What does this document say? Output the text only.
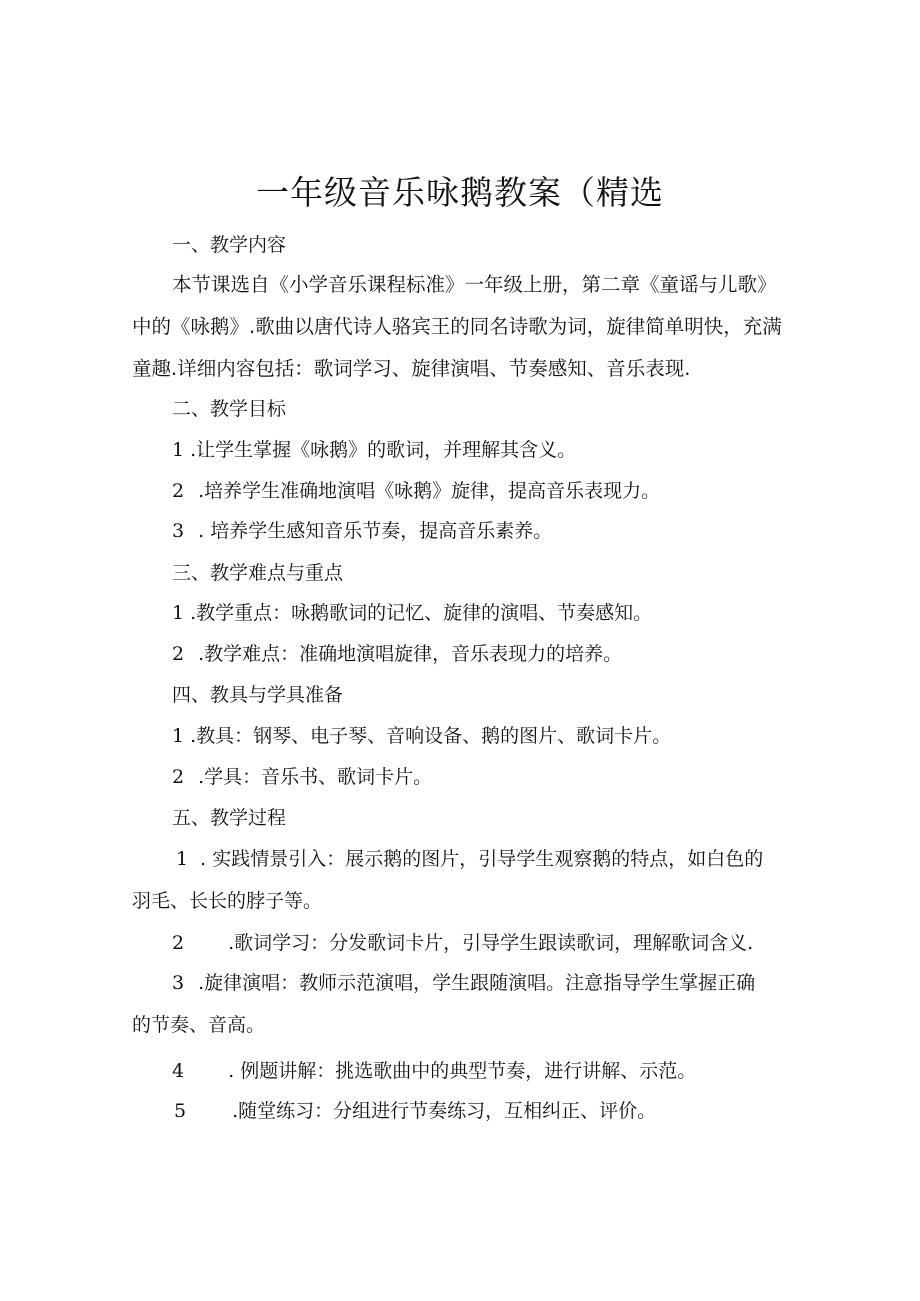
一年级音乐咏鹅教案（精选
一、教学内容
本节课选自《小学音乐课程标准》一年级上册，第二章《童谣与儿歌》
中的《咏鹅》.歌曲以唐代诗人骆宾王的同名诗歌为词，旋律简单明快，充满
童趣.详细内容包括：歌词学习、旋律演唱、节奏感知、音乐表现.
二、教学目标
1 .让学生掌握《咏鹅》的歌词，并理解其含义。
2 .培养学生准确地演唱《咏鹅》旋律，提高音乐表现力。
3 . 培养学生感知音乐节奏，提高音乐素养。
三、教学难点与重点
1 .教学重点：咏鹅歌词的记忆、旋律的演唱、节奏感知。
2 .教学难点：准确地演唱旋律，音乐表现力的培养。
四、教具与学具准备
1 .教具：钢琴、电子琴、音响设备、鹅的图片、歌词卡片。
2 .学具：音乐书、歌词卡片。
五、教学过程
1 . 实践情景引入：展示鹅的图片，引导学生观察鹅的特点，如白色的
羽毛、长长的脖子等。
2 .歌词学习：分发歌词卡片，引导学生跟读歌词，理解歌词含义.
3 .旋律演唱：教师示范演唱，学生跟随演唱。注意指导学生掌握正确
的节奏、音高。
4 . 例题讲解：挑选歌曲中的典型节奏，进行讲解、示范。
5 .随堂练习：分组进行节奏练习，互相纠正、评价。
